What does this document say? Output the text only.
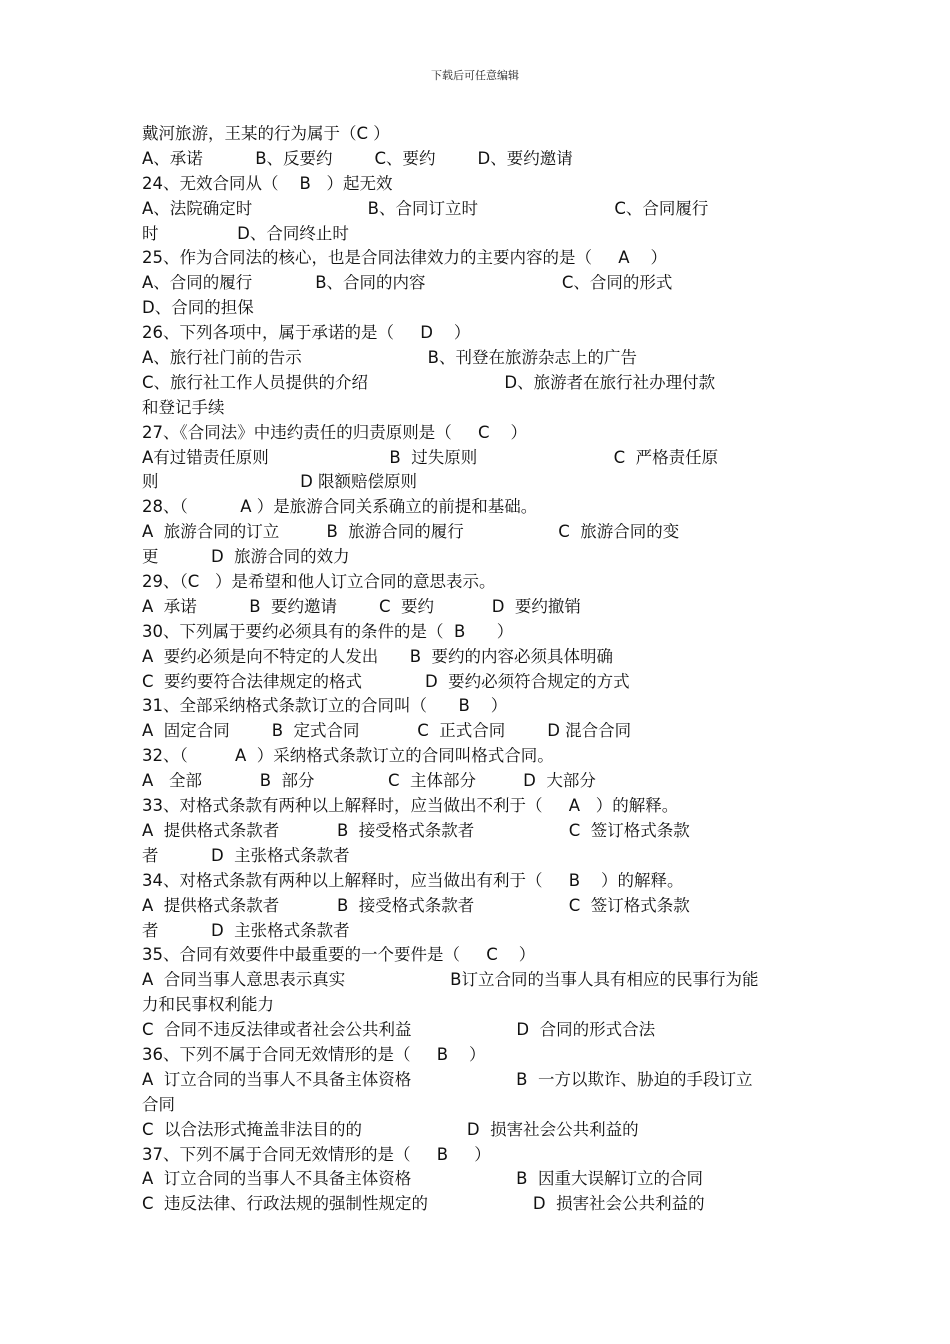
下载后可任意编辑
戴河旅游，王某的行为属于（C ）
A、承诺          B、反要约        C、要约        D、要约邀请
24、无效合同从（    B   ）起无效
A、法院确定时                      B、合同订立时                          C、合同履行
时               D、合同终止时
25、作为合同法的核心，也是合同法律效力的主要内容的是（     A    ）
A、合同的履行            B、合同的内容                          C、合同的形式
D、合同的担保
26、下列各项中，属于承诺的是（     D    ）
A、旅行社门前的告示                        B、刊登在旅游杂志上的广告
C、旅行社工作人员提供的介绍                          D、旅游者在旅行社办理付款
和登记手续
27、《合同法》中违约责任的归责原则是（     C    ）
A有过错责任原则                       B  过失原则                          C  严格责任原
则                           D 限额赔偿原则
28、（          A ）是旅游合同关系确立的前提和基础。
A  旅游合同的订立         B  旅游合同的履行                  C  旅游合同的变
更          D  旅游合同的效力
29、（C   ）是希望和他人订立合同的意思表示。
A  承诺          B  要约邀请        C  要约           D  要约撤销
30、下列属于要约必须具有的条件的是（  B      ）
A  要约必须是向不特定的人发出      B  要约的内容必须具体明确
C  要约要符合法律规定的格式            D  要约必须符合规定的方式
31、全部采纳格式条款订立的合同叫（      B    ）
A  固定合同        B  定式合同           C  正式合同        D 混合合同
32、（         A  ）采纳格式条款订立的合同叫格式合同。
A   全部           B  部分              C  主体部分         D  大部分
33、对格式条款有两种以上解释时，应当做出不利于（     A   ）的解释。
A  提供格式条款者           B  接受格式条款者                  C  签订格式条款
者          D  主张格式条款者
34、对格式条款有两种以上解释时，应当做出有利于（     B    ）的解释。
A  提供格式条款者           B  接受格式条款者                  C  签订格式条款
者          D  主张格式条款者
35、合同有效要件中最重要的一个要件是（     C    ）
A  合同当事人意思表示真实                    B订立合同的当事人具有相应的民事行为能
力和民事权利能力
C  合同不违反法律或者社会公共利益                    D  合同的形式合法
36、下列不属于合同无效情形的是（     B    ）
A  订立合同的当事人不具备主体资格                    B  一方以欺诈、胁迫的手段订立
合同
C  以合法形式掩盖非法目的的                    D  损害社会公共利益的
37、下列不属于合同无效情形的是（     B     ）
A  订立合同的当事人不具备主体资格                    B  因重大误解订立的合同
C  违反法律、行政法规的强制性规定的                    D  损害社会公共利益的
